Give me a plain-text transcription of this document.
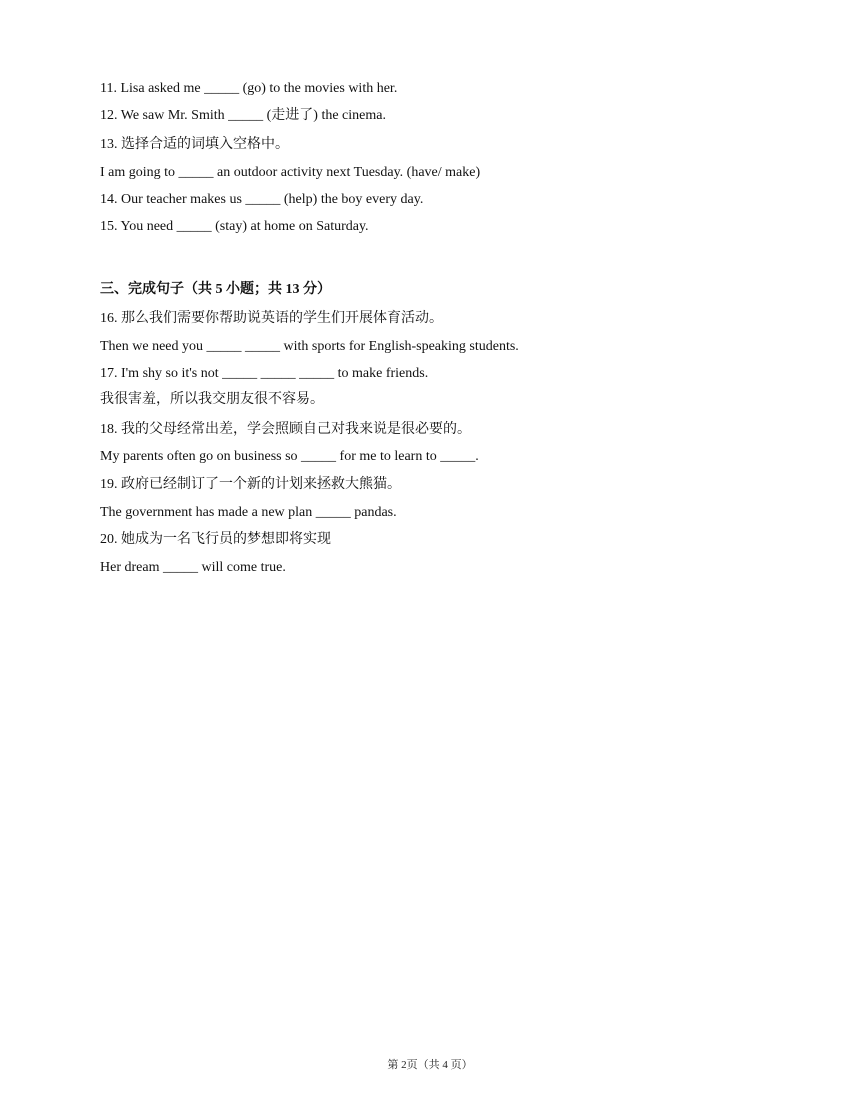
11. Lisa asked me _____ (go) to the movies with her.
12. We saw Mr. Smith _____ (走进了) the cinema.
13. 选择合适的词填入空格中。
I am going to _____ an outdoor activity next Tuesday. (have/ make)
14. Our teacher makes us _____ (help) the boy every day.
15. You need _____ (stay) at home on Saturday.
三、完成句子（共 5 小题；共 13 分）
16. 那么我们需要你帮助说英语的学生们开展体育活动。
Then we need you _____ _____ with sports for English-speaking students.
17. I'm shy so it's not _____ _____ _____ to make friends.
我很害羞，所以我交朋友很不容易。
18. 我的父母经常出差，学会照顾自己对我来说是很必要的。
My parents often go on business so _____ for me to learn to _____.
19. 政府已经制订了一个新的计划来拯救大熊猫。
The government has made a new plan _____ pandas.
20. 她成为一名飞行员的梦想即将实现
Her dream _____ will come true.
第 2页（共 4 页）
